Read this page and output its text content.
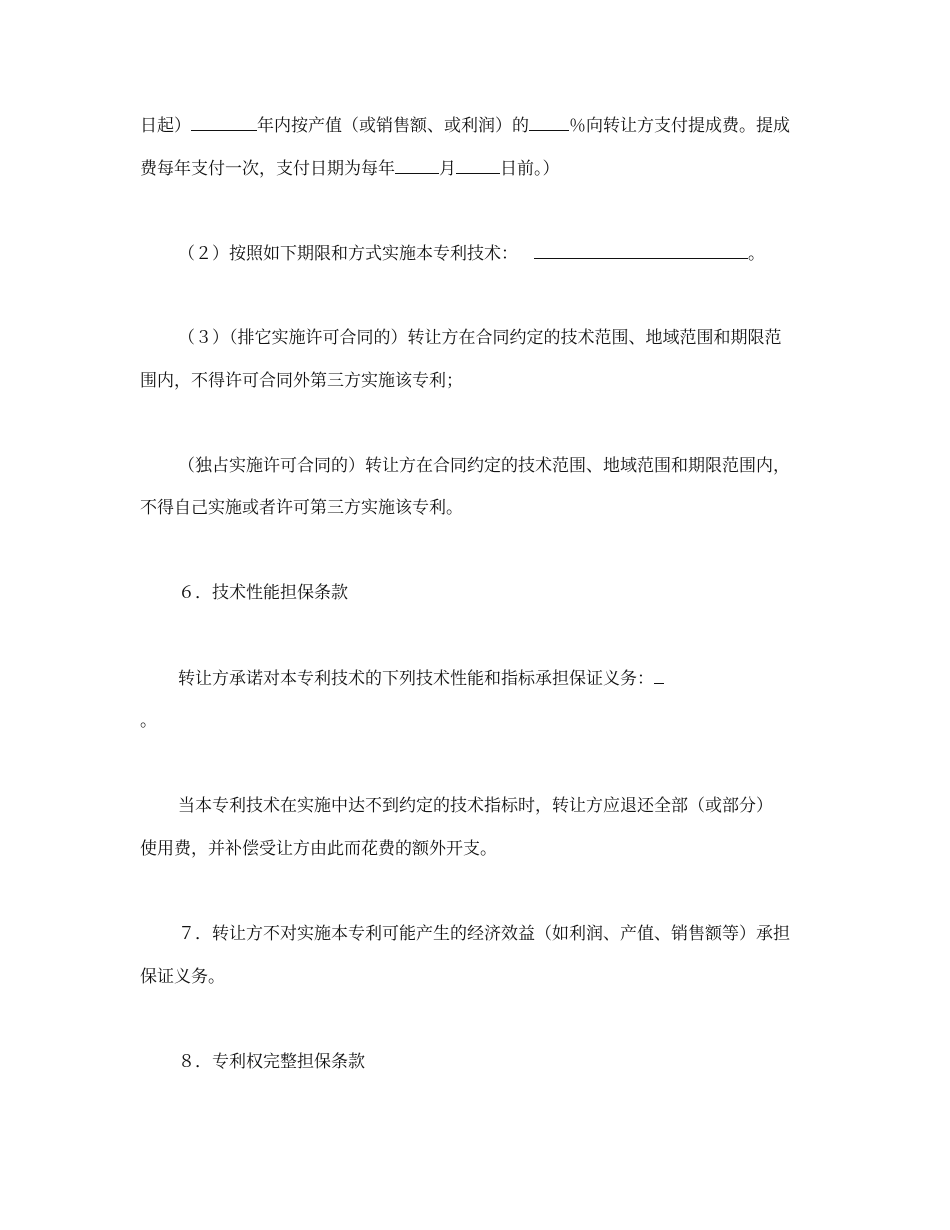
日起）	年内按产值（或销售额、或利润）的 ％向转让方支付提成费。提成
费每年支付一次，支付日期为每年	月	日前。）
（２）按照如下期限和方式实施本专利技术：	。
（３）（排它实施许可合同的）转让方在合同约定的技术范围、地域范围和期限范
围内，不得许可合同外第三方实施该专利；
（独占实施许可合同的）转让方在合同约定的技术范围、地域范围和期限范围内，
不得自己实施或者许可第三方实施该专利。
６．技术性能担保条款
转让方承诺对本专利技术的下列技术性能和指标承担保证义务：
。
当本专利技术在实施中达不到约定的技术指标时，转让方应退还全部（或部分）
使用费，并补偿受让方由此而花费的额外开支。
７．转让方不对实施本专利可能产生的经济效益（如利润、产值、销售额等）承担
保证义务。
８．专利权完整担保条款
